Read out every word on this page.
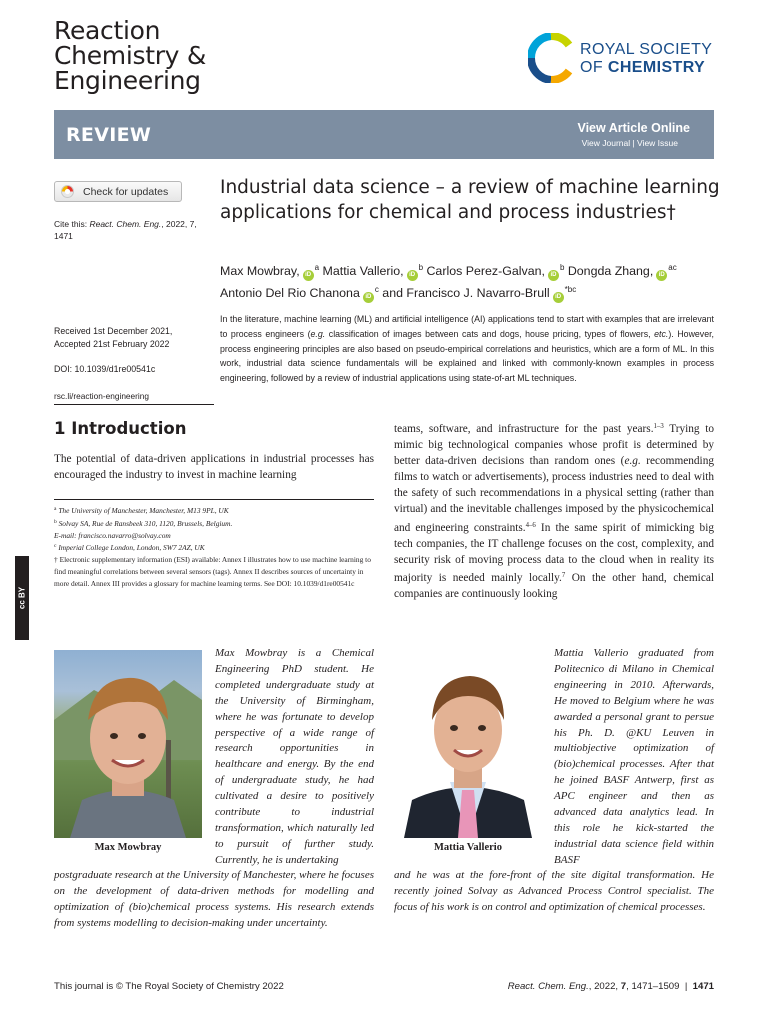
Reaction
Chemistry &
Engineering
ROYAL SOCIETY
OF CHEMISTRY
REVIEW	View Article Online
View Journal | View Issue
Check for updates
Cite this: React. Chem. Eng., 2022, 7,
1471
Industrial data science – a review of machine learning applications for chemical and process industries†
Max Mowbray, $iD^a$ Mattia Vallerio, $iD^b$ Carlos Perez-Galvan, $iD^b$ Dongda Zhang, $iD^{ac}$
Antonio Del Rio Chanona $iD^c$ and Francisco J. Navarro-Brull $iD^{*bc}$

In the literature, machine learning (ML) and artificial intelligence (AI) applications tend to start with examples that are irrelevant to process engineers (e.g. classification of images between cats and dogs, house pricing, types of flowers, etc.). However, process engineering principles are also based on pseudo-empirical correlations and heuristics, which are a form of ML. In this work, industrial data science fundamentals will be explained and linked with commonly-known examples in process engineering, followed by a review of industrial applications using state-of-art ML techniques.

Received 1st December 2021,
Accepted 21st February 2022
DOI: 10.1039/d1re00541c
rsc.li/reaction-engineering
1 Introduction

The potential of data-driven applications in industrial processes has encouraged the industry to invest in machine learning

$^a$ The University of Manchester, Manchester, M13 9PL, UK
$^b$ Solvay SA, Rue de Ransbeek 310, 1120, Brussels, Belgium.
E-mail: francisco.navarro@solvay.com
$^c$ Imperial College London, London, SW7 2AZ, UK
† Electronic supplementary information (ESI) available: Annex I illustrates how to use machine learning to find meaningful correlations between several sensors (tags). Annex II describes sources of uncertainty in more detail. Annex III provides a glossary for machine learning terms. See DOI: 10.1039/d1re00541c
cc BY

teams, software, and infrastructure for the past years.$^{1-3}$ Trying to mimic big technological companies whose profit is determined by better data-driven decisions than random ones (e.g. recommending films to watch or advertisements), process industries need to deal with the safety of such recommendations in a physical setting (rather than virtual) and the inevitable challenges imposed by the physicochemical and engineering constraints.$^{4-6}$ In the same spirit of mimicking big tech companies, the IT challenge focuses on the cost, complexity, and security risk of moving process data to the cloud when in reality its majority is needed mainly locally.$^7$ On the other hand, chemical companies are continuously looking

Max Mowbray

Max Mowbray is a Chemical Engineering PhD student. He completed undergraduate study at the University of Birmingham, where he was fortunate to develop perspective of a wide range of research opportunities in healthcare and energy. By the end of undergraduate study, he had cultivated a desire to positively contribute to industrial transformation, which naturally led to pursuit of further study. Currently, he is undertaking

postgraduate research at the University of Manchester, where he focuses on the development of data-driven methods for modelling and optimization of (bio)chemical process systems. His research extends from systems modelling to decision-making under uncertainty.

Mattia Vallerio

Mattia Vallerio graduated from Politecnico di Milano in Chemical engineering in 2010. Afterwards, He moved to Belgium where he was awarded a personal grant to persue his Ph. D. @KU Leuven in multiobjective optimization of (bio)chemical processes. After that he joined BASF Antwerp, first as APC engineer and then as advanced data analytics lead. In this role he kick-started the industrial data science field within BASF

and he was at the fore-front of the site digital transformation. He recently joined Solvay as Advanced Process Control specialist. The focus of his work is on control and optimization of chemical processes.

This journal is © The Royal Society of Chemistry 2022	React. Chem. Eng., 2022, 7, 1471–1509 | 1471
